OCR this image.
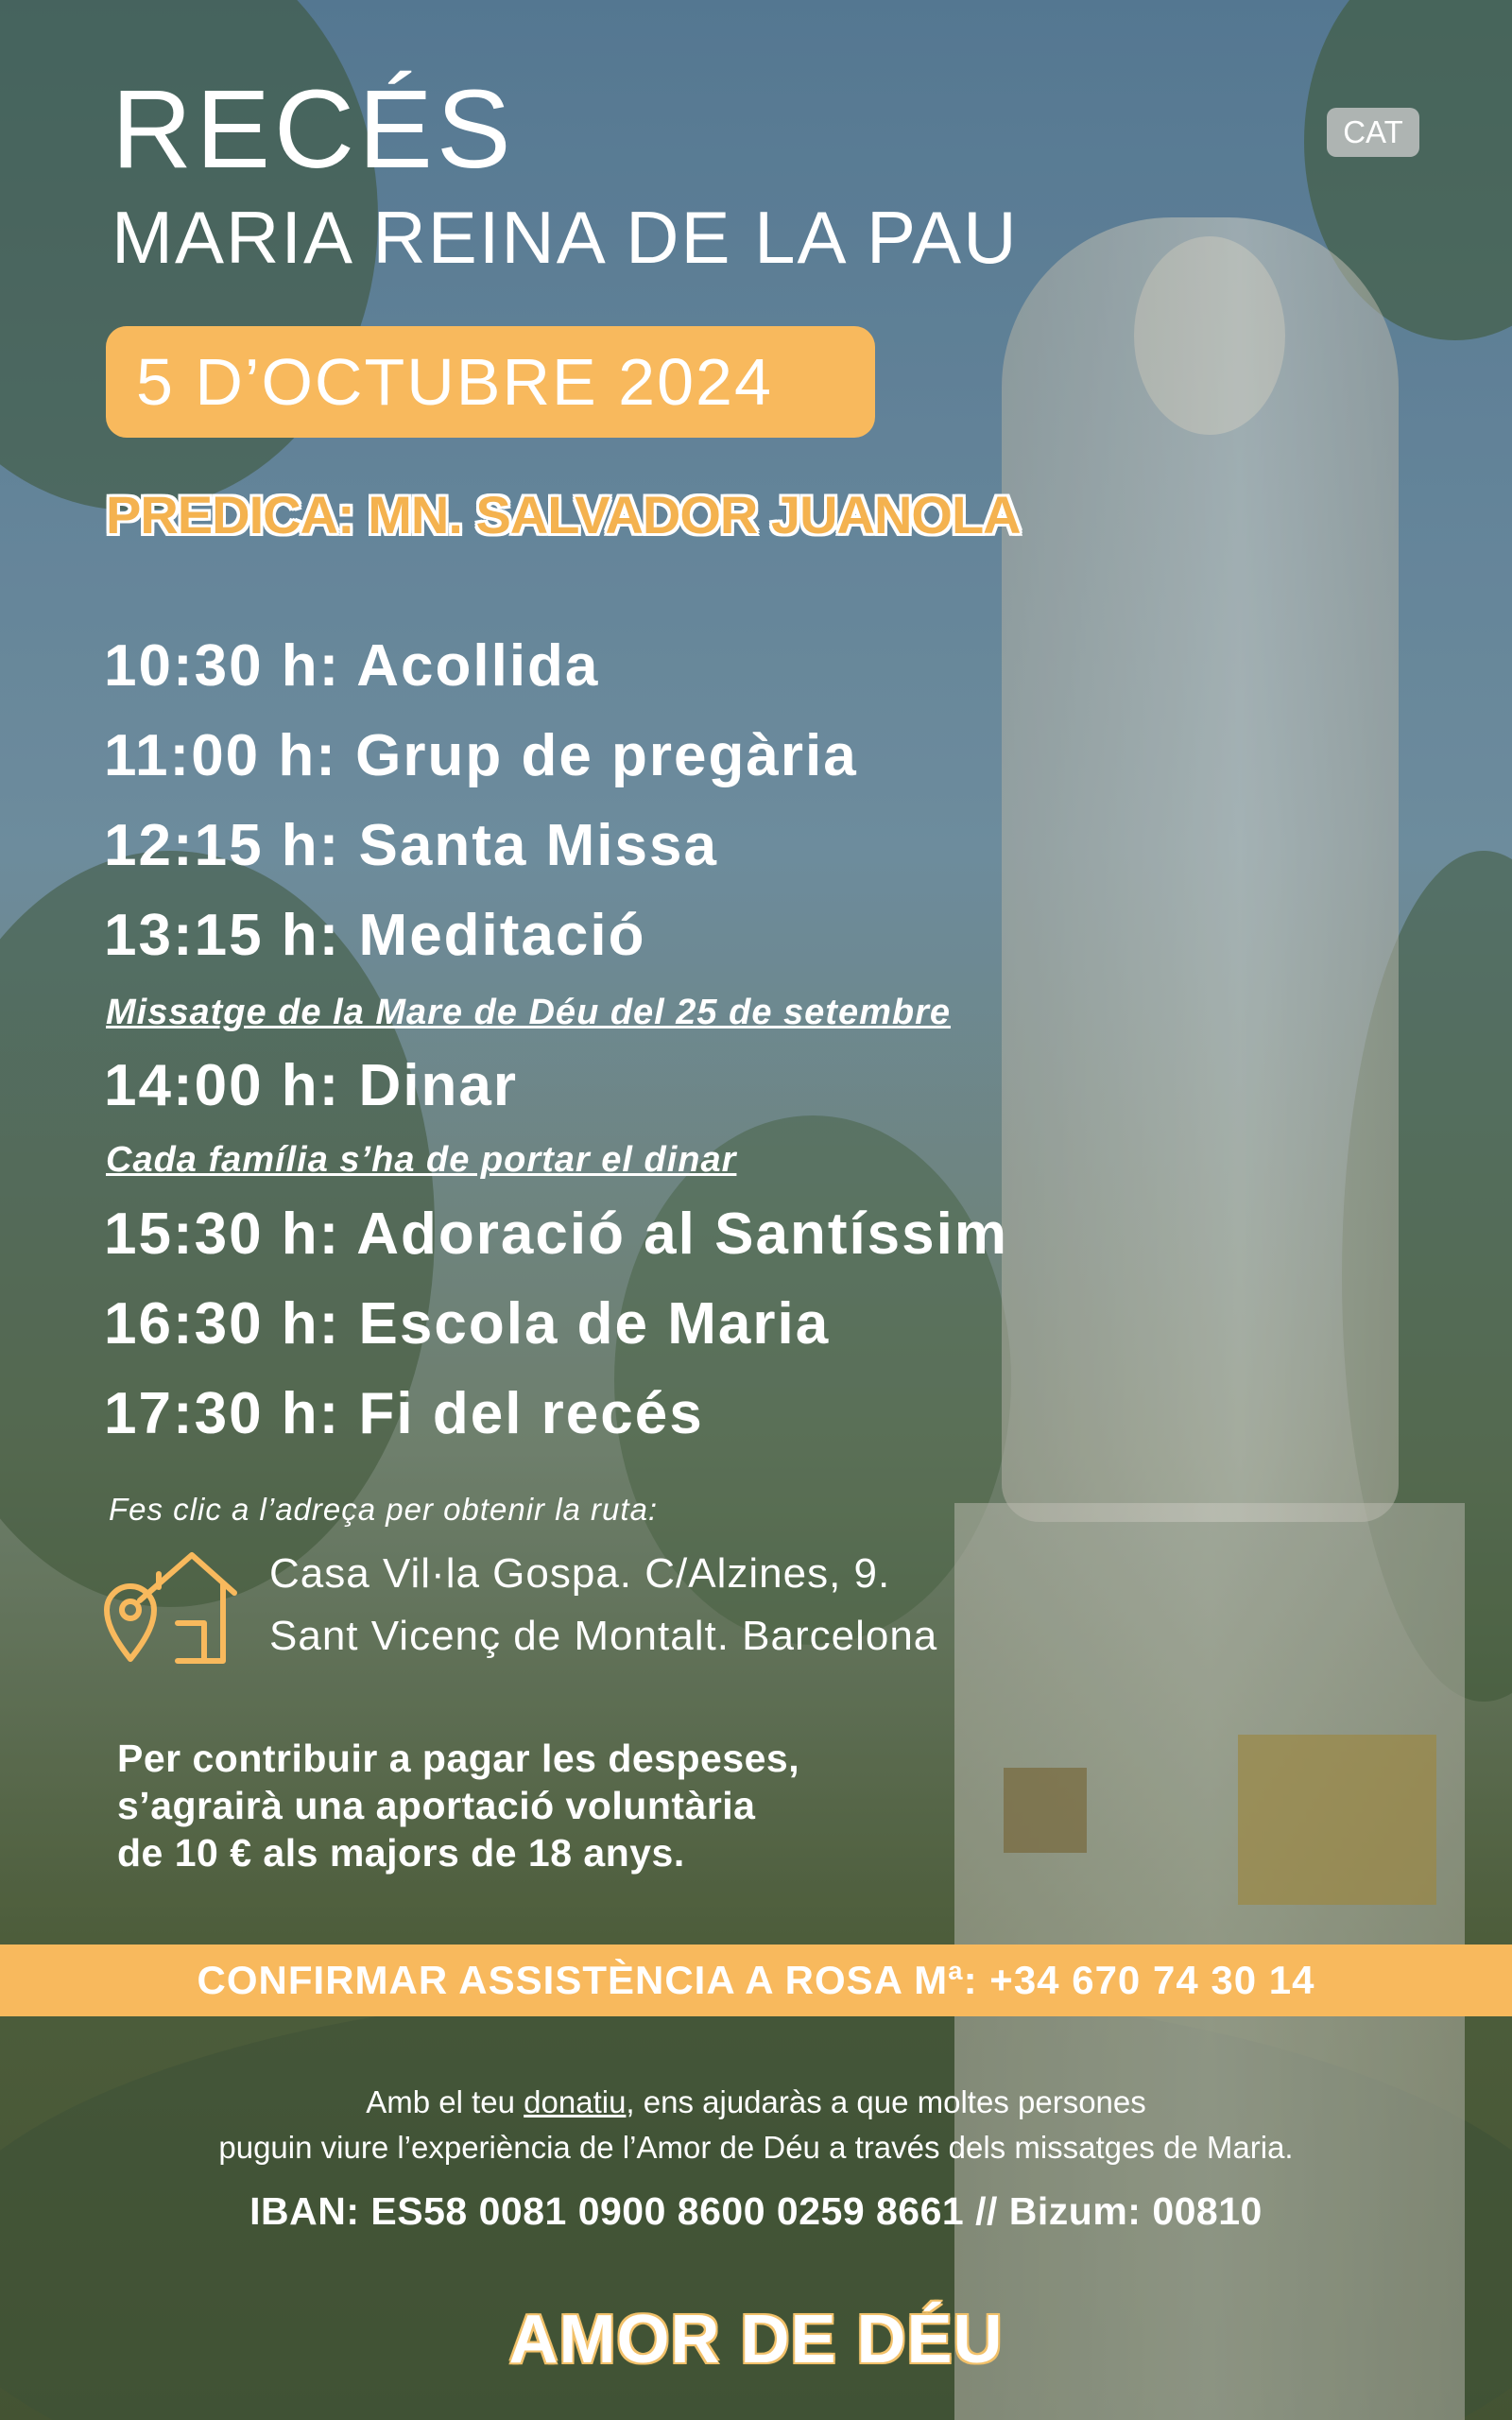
RECÉS
MARIA REINA DE LA PAU
CAT
5 D’OCTUBRE 2024
PREDICA: MN. SALVADOR JUANOLA
10:30 h: Acollida
11:00 h: Grup de pregària
12:15 h: Santa Missa
13:15 h: Meditació
Missatge de la Mare de Déu del 25 de setembre
14:00 h: Dinar
Cada família s’ha de portar el dinar
15:30 h: Adoració al Santíssim
16:30 h: Escola de Maria
17:30 h: Fi del recés
Fes clic a l’adreça per obtenir la ruta:
Casa Vil·la Gospa. C/Alzines, 9.
Sant Vicenç de Montalt. Barcelona
Per contribuir a pagar les despeses,
s’agrairà una aportació voluntària
de 10 € als majors de 18 anys.
CONFIRMAR ASSISTÈNCIA A ROSA Mª: +34 670 74 30 14
Amb el teu donatiu, ens ajudaràs a que moltes persones
puguin viure l’experiència de l’Amor de Déu a través dels missatges de Maria.
IBAN: ES58 0081 0900 8600 0259 8661 // Bizum: 00810
AMOR DE DÉU
